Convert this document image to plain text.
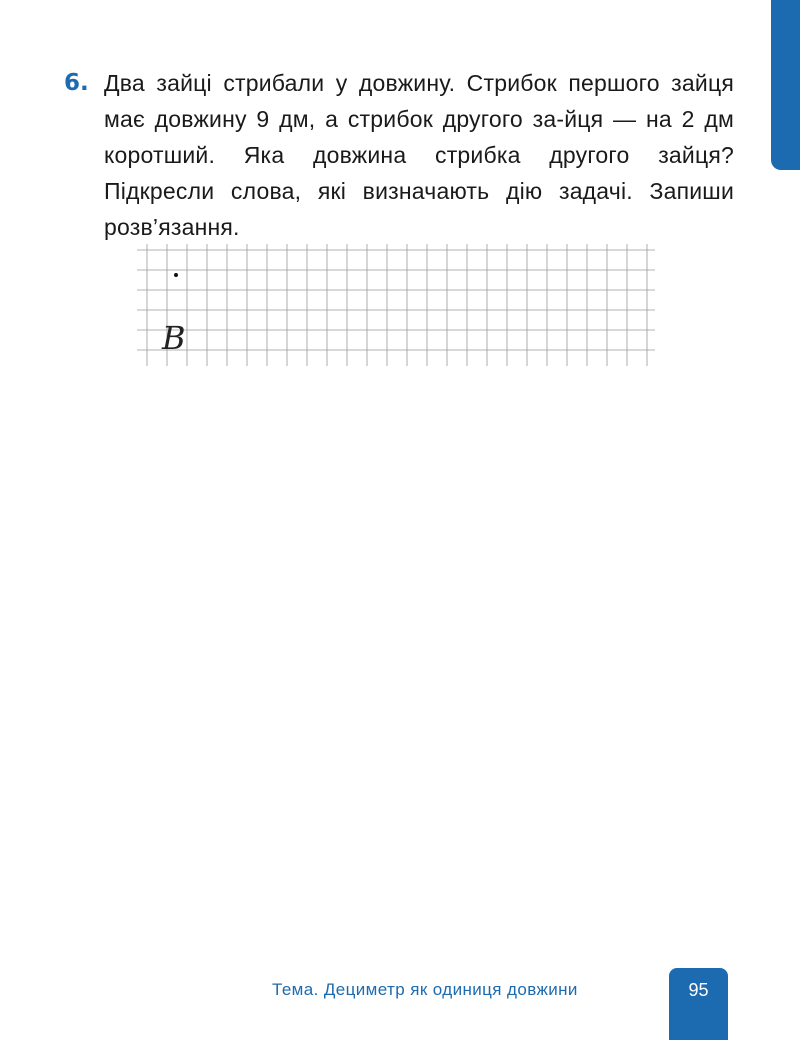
6. Два зайці стрибали у довжину. Стрибок першого зайця має довжину 9 дм, а стрибок другого за-йця — на 2 дм коротший. Яка довжина стрибка другого зайця? Підкресли слова, які визначають дію задачі. Запиши розв’язання.
В
Тема. Дециметр як одиниця довжини	95
